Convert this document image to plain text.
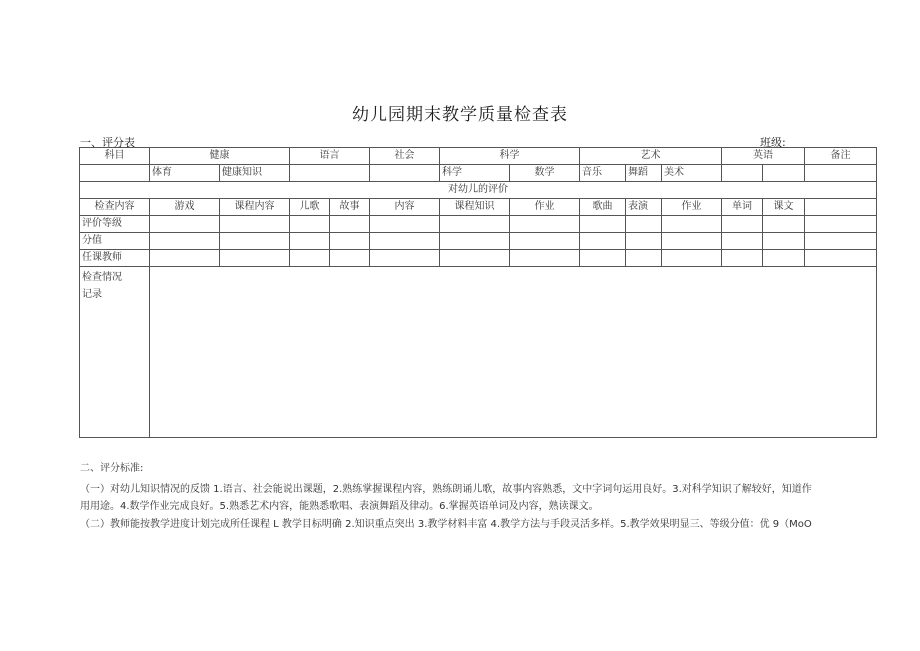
幼儿园期末教学质量检查表
一、评分表	班级:
科目	健康		语言		社会	科学		艺术			英语		备注
	体育	健康知识				科学	数学	音乐	舞蹈	美术			
对幼儿的评价													
检查内容	游戏	课程内容	儿歌	故事	内容	课程知识	作业	歌曲	表演	作业	单词	课文	
评价等级													
分值													
任课教师													
检查情况
记录													

二、评分标准:

（一）对幼儿知识情况的反馈 1.语言、社会能说出课题，2.熟练掌握课程内容，熟练朗诵儿歌，故事内容熟悉，文中字词句运用良好。3.对科学知识了解较好，知道作

用用途。4.数学作业完成良好。5.熟悉艺术内容，能熟悉歌唱、表演舞蹈及律动。6.掌握英语单词及内容，熟读课文。

（二）教师能按教学进度计划完成所任课程 L 教学目标明确 2.知识重点突出 3.教学材料丰富 4.教学方法与手段灵活多样。5.教学效果明显三、等级分值：优 9（MoO
